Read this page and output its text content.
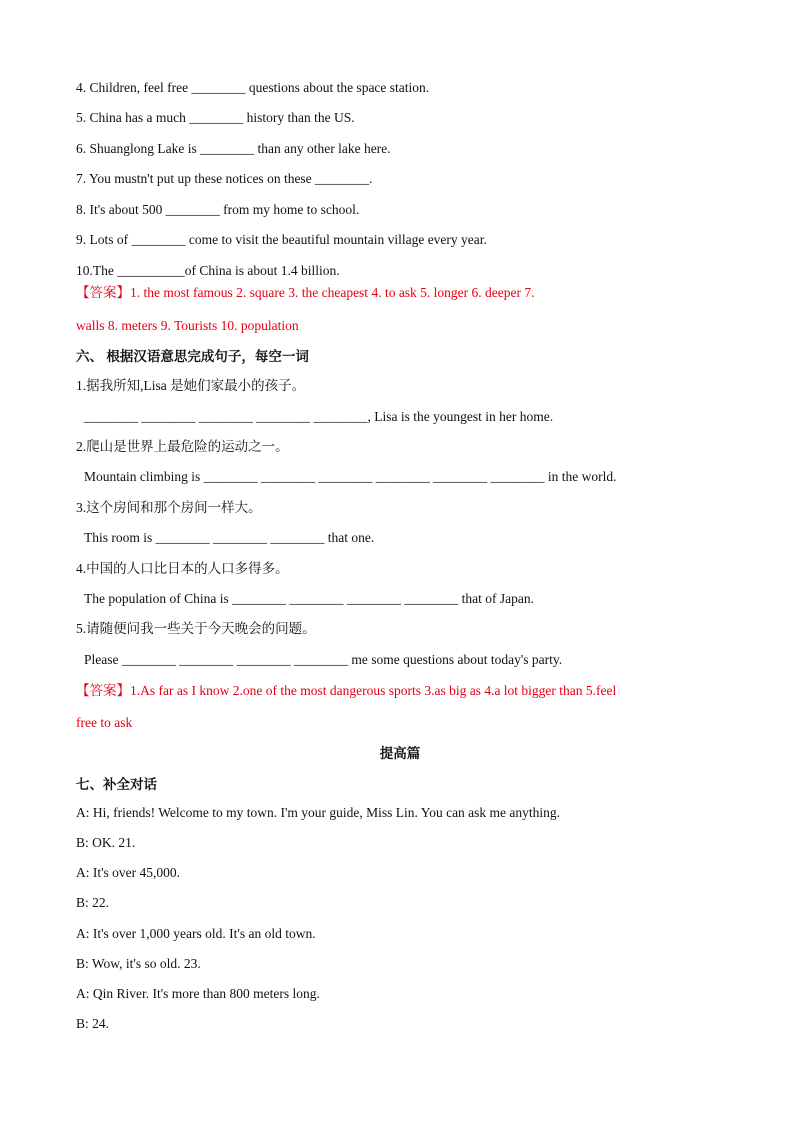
4. Children, feel free ________ questions about the space station.
5. China has a much ________ history than the US.
6. Shuanglong Lake is ________ than any other lake here.
7. You mustn't put up these notices on these ________.
8. It's about 500 ________ from my home to school.
9. Lots of ________ come to visit the beautiful mountain village every year.
10.The __________of China is about 1.4 billion.
【答案】1. the most famous 2. square 3. the cheapest 4. to ask 5. longer 6. deeper 7.
walls 8. meters 9. Tourists 10. population
六、 根据汉语意思完成句子，每空一词
1.据我所知,Lisa 是她们家最小的孩子。
________ ________ ________ ________ ________, Lisa is the youngest in her home.
2.爬山是世界上最危险的运动之一。
Mountain climbing is ________ ________ ________ ________ ________ ________ in the world.
3.这个房间和那个房间一样大。
This room is ________ ________ ________ that one.
4.中国的人口比日本的人口多得多。
The population of China is ________ ________ ________ ________ that of Japan.
5.请随便问我一些关于今天晚会的问题。
Please ________ ________ ________ ________ me some questions about today's party.
【答案】1.As far as I know 2.one of the most dangerous sports 3.as big as 4.a lot bigger than 5.feel
free to ask
提高篇
七、补全对话
A: Hi, friends! Welcome to my town. I'm your guide, Miss Lin. You can ask me anything.
B: OK. 21.
A: It's over 45,000.
B: 22.
A: It's over 1,000 years old. It's an old town.
B: Wow, it's so old. 23.
A: Qin River. It's more than 800 meters long.
B: 24.
